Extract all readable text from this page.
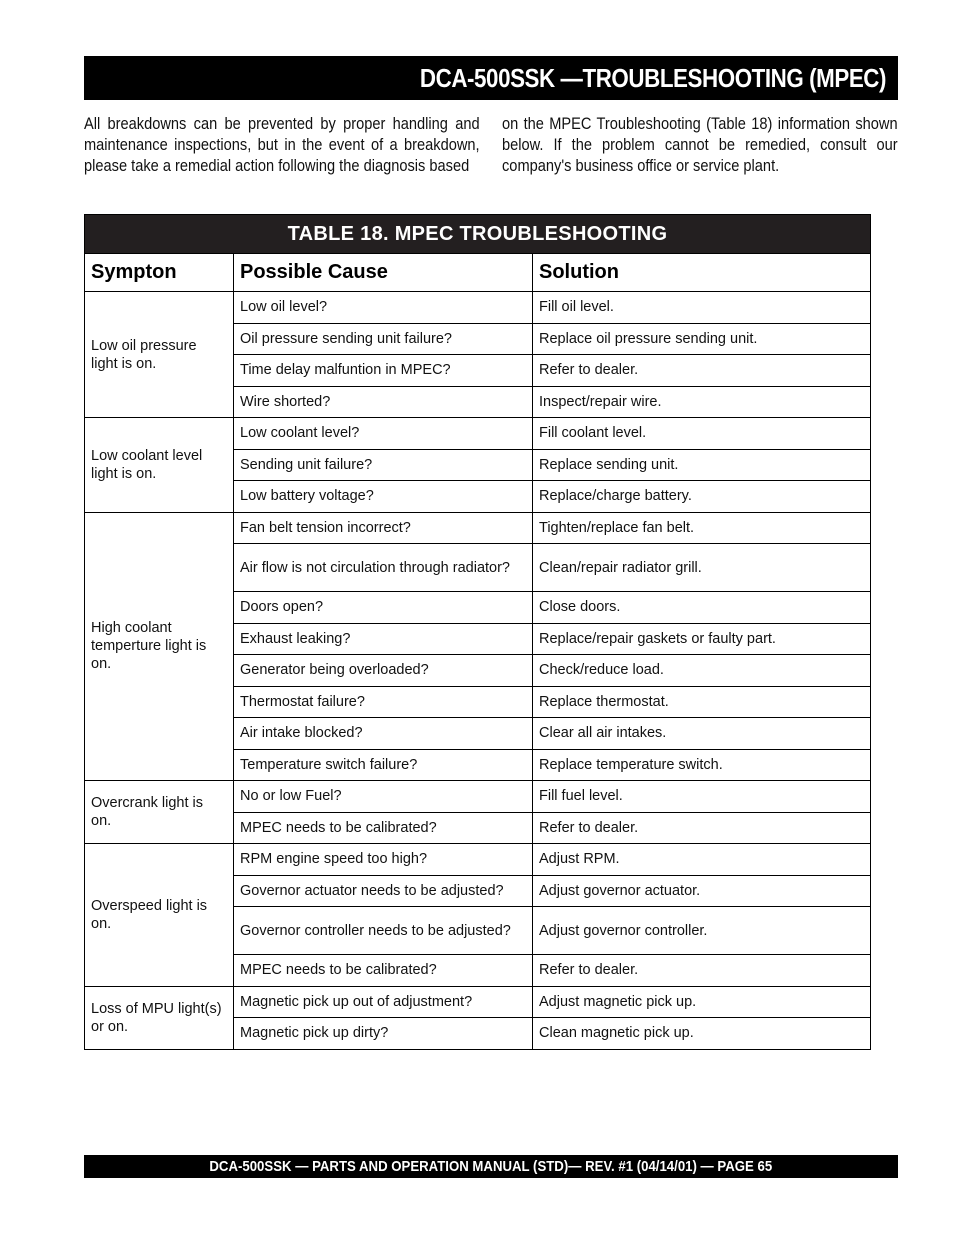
DCA-500SSK —TROUBLESHOOTING (MPEC)
All breakdowns can be prevented by proper handling and maintenance inspections, but in the event of a breakdown, please take a remedial action following the diagnosis based
on the MPEC Troubleshooting (Table 18) information shown below. If the problem cannot be remedied, consult our company's business office or service plant.
TABLE 18. MPEC TROUBLESHOOTING		
Sympton	Possible Cause	Solution
Low oil pressure light is on.	Low oil level?	Fill oil level.
	Oil pressure sending unit failure?	Replace oil pressure sending unit.
	Time delay malfuntion in MPEC?	Refer to dealer.
	Wire shorted?	Inspect/repair wire.
Low coolant level light is on.	Low coolant level?	Fill coolant level.
	Sending unit failure?	Replace sending unit.
	Low battery voltage?	Replace/charge battery.
High coolant temperture light is on.	Fan belt tension incorrect?	Tighten/replace fan belt.
	Air flow is not circulation through radiator?	Clean/repair radiator grill.
	Doors open?	Close doors.
	Exhaust leaking?	Replace/repair gaskets or faulty part.
	Generator being overloaded?	Check/reduce load.
	Thermostat failure?	Replace thermostat.
	Air intake blocked?	Clear all air intakes.
	Temperature switch failure?	Replace temperature switch.
Overcrank light is on.	No or low Fuel?	Fill fuel level.
	MPEC needs to be calibrated?	Refer to dealer.
Overspeed light is on.	RPM engine speed too high?	Adjust RPM.
	Governor actuator needs to be adjusted?	Adjust governor actuator.
	Governor controller needs to be adjusted?	Adjust governor controller.
	MPEC needs to be calibrated?	Refer to dealer.
Loss of MPU light(s) or on.	Magnetic pick up out of adjustment?	Adjust magnetic pick up.
	Magnetic pick up dirty?	Clean magnetic pick up.
DCA-500SSK — PARTS AND OPERATION MANUAL (STD)— REV. #1 (04/14/01) — PAGE 65
